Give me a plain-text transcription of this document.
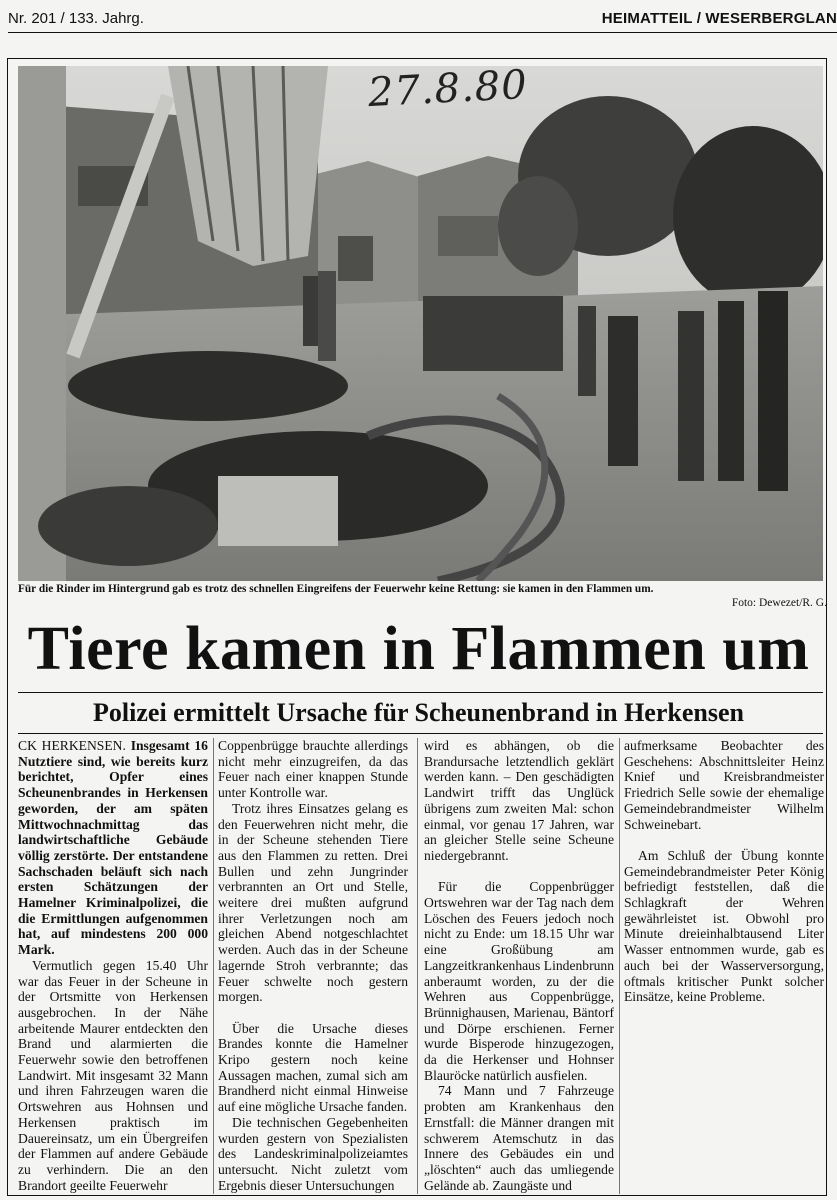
Nr. 201 / 133. Jahrg.	HEIMATTEIL / WESERBERGLAN
27.8.80
Für die Rinder im Hintergrund gab es trotz des schnellen Eingreifens der Feuerwehr keine Rettung: sie kamen in den Flammen um.
Foto: Dewezet/R. G.
Tiere kamen in Flammen um
Polizei ermittelt Ursache für Scheunenbrand in Herkensen

CK HERKENSEN. Insgesamt 16 Nutztiere sind, wie bereits kurz berichtet, Opfer eines Scheunenbrandes in Herkensen geworden, der am späten Mittwochnachmittag das landwirtschaftliche Gebäude völlig zerstörte. Der entstandene Sachschaden beläuft sich nach ersten Schätzungen der Hamelner Kriminalpolizei, die die Ermittlungen aufgenommen hat, auf mindestens 200 000 Mark.

Vermutlich gegen 15.40 Uhr war das Feuer in der Scheune in der Ortsmitte von Herkensen ausgebrochen. In der Nähe arbeitende Maurer entdeckten den Brand und alarmierten die Feuerwehr sowie den betroffenen Landwirt. Mit insgesamt 32 Mann und ihren Fahrzeugen waren die Ortswehren aus Hohnsen und Herkensen praktisch im Dauereinsatz, um ein Übergreifen der Flammen auf andere Gebäude zu verhindern. Die an den Brandort geeilte Feuerwehr

Coppenbrügge brauchte allerdings nicht mehr einzugreifen, da das Feuer nach einer knappen Stunde unter Kontrolle war.

Trotz ihres Einsatzes gelang es den Feuerwehren nicht mehr, die in der Scheune stehenden Tiere aus den Flammen zu retten. Drei Bullen und zehn Jungrinder verbrannten an Ort und Stelle, weitere drei mußten aufgrund ihrer Verletzungen noch am gleichen Abend notgeschlachtet werden. Auch das in der Scheune lagernde Stroh verbrannte; das Feuer schwelte noch gestern morgen.

Über die Ursache dieses Brandes konnte die Hamelner Kripo gestern noch keine Aussagen machen, zumal sich am Brandherd nicht einmal Hinweise auf eine mögliche Ursache fanden.

Die technischen Gegebenheiten wurden gestern von Spezialisten des Landeskriminalpolizeiamtes untersucht. Nicht zuletzt vom Ergebnis dieser Untersuchungen

wird es abhängen, ob die Brandursache letztendlich geklärt werden kann. – Den geschädigten Landwirt trifft das Unglück übrigens zum zweiten Mal: schon einmal, vor genau 17 Jahren, war an gleicher Stelle seine Scheune niedergebrannt.

Für die Coppenbrügger Ortswehren war der Tag nach dem Löschen des Feuers jedoch noch nicht zu Ende: um 18.15 Uhr war eine Großübung am Langzeitkrankenhaus Lindenbrunn anberaumt worden, zu der die Wehren aus Coppenbrügge, Brünnighausen, Marienau, Bäntorf und Dörpe erschienen. Ferner wurde Bisperode hinzugezogen, da die Herkenser und Hohnser Blauröcke natürlich ausfielen.

74 Mann und 7 Fahrzeuge probten am Krankenhaus den Ernstfall: die Männer drangen mit schwerem Atemschutz in das Innere des Gebäudes ein und „löschten“ auch das umliegende Gelände ab. Zaungäste und

aufmerksame Beobachter des Geschehens: Abschnittsleiter Heinz Knief und Kreisbrandmeister Friedrich Selle sowie der ehemalige Gemeindebrandmeister Wilhelm Schweinebart.

Am Schluß der Übung konnte Gemeindebrandmeister Peter König befriedigt feststellen, daß die Schlagkraft der Wehren gewährleistet ist. Obwohl pro Minute dreieinhalbtausend Liter Wasser entnommen wurde, gab es auch bei der Wasserversorgung, oftmals kritischer Punkt solcher Einsätze, keine Probleme.
